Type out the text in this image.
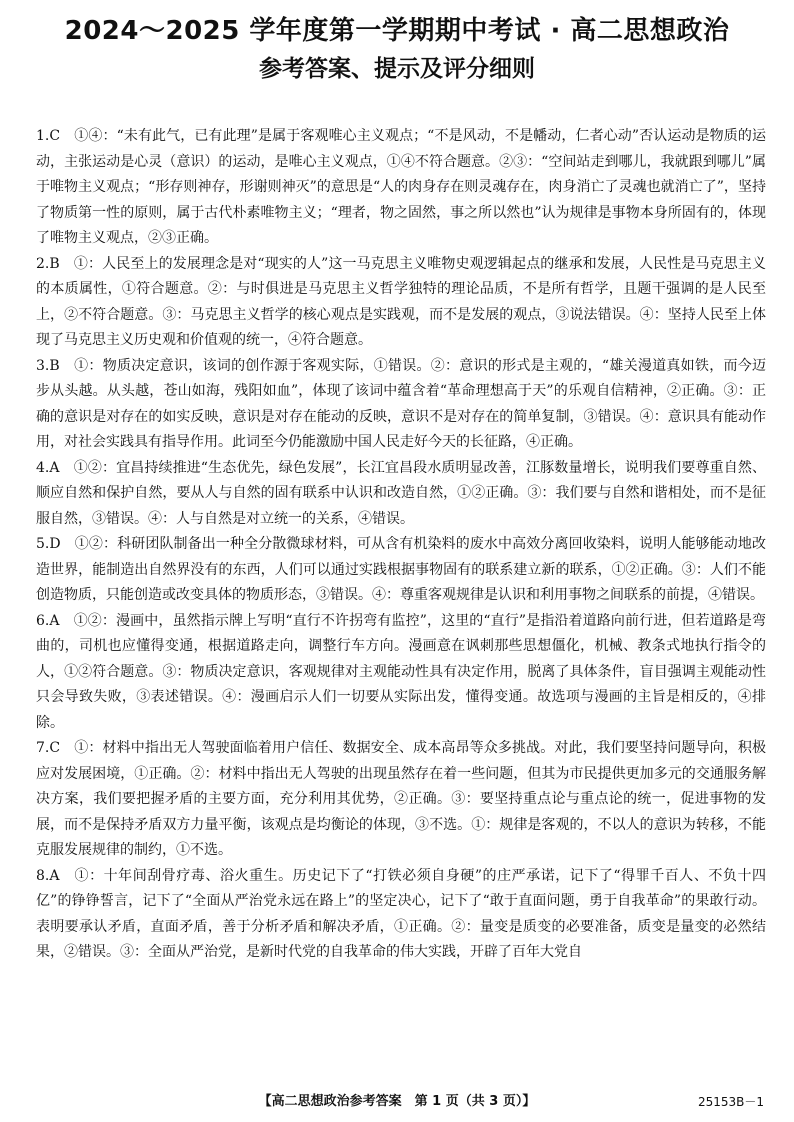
2024～2025 学年度第一学期期中考试 · 高二思想政治
参考答案、提示及评分细则

1.C　①④：“未有此气，已有此理”是属于客观唯心主义观点；“不是风动，不是幡动，仁者心动”否认运动是物质的运动，主张运动是心灵（意识）的运动，是唯心主义观点，①④不符合题意。②③：“空间站走到哪儿，我就跟到哪儿”属于唯物主义观点；“形存则神存，形谢则神灭”的意思是“人的肉身存在则灵魂存在，肉身消亡了灵魂也就消亡了”，坚持了物质第一性的原则，属于古代朴素唯物主义；“理者，物之固然，事之所以然也”认为规律是事物本身所固有的，体现了唯物主义观点，②③正确。

2.B　①：人民至上的发展理念是对“现实的人”这一马克思主义唯物史观逻辑起点的继承和发展，人民性是马克思主义的本质属性，①符合题意。②：与时俱进是马克思主义哲学独特的理论品质，不是所有哲学，且题干强调的是人民至上，②不符合题意。③：马克思主义哲学的核心观点是实践观，而不是发展的观点，③说法错误。④：坚持人民至上体现了马克思主义历史观和价值观的统一，④符合题意。

3.B　①：物质决定意识，该词的创作源于客观实际，①错误。②：意识的形式是主观的，“雄关漫道真如铁，而今迈步从头越。从头越，苍山如海，残阳如血”，体现了该词中蕴含着“革命理想高于天”的乐观自信精神，②正确。③：正确的意识是对存在的如实反映，意识是对存在能动的反映，意识不是对存在的简单复制，③错误。④：意识具有能动作用，对社会实践具有指导作用。此词至今仍能激励中国人民走好今天的长征路，④正确。

4.A　①②：宜昌持续推进“生态优先，绿色发展”，长江宜昌段水质明显改善，江豚数量增长，说明我们要尊重自然、顺应自然和保护自然，要从人与自然的固有联系中认识和改造自然，①②正确。③：我们要与自然和谐相处，而不是征服自然，③错误。④：人与自然是对立统一的关系，④错误。

5.D　①②：科研团队制备出一种全分散微球材料，可从含有机染料的废水中高效分离回收染料，说明人能够能动地改造世界，能制造出自然界没有的东西，人们可以通过实践根据事物固有的联系建立新的联系，①②正确。③：人们不能创造物质，只能创造或改变具体的物质形态，③错误。④：尊重客观规律是认识和利用事物之间联系的前提，④错误。

6.A　①②：漫画中，虽然指示牌上写明“直行不许拐弯有监控”，这里的“直行”是指沿着道路向前行进，但若道路是弯曲的，司机也应懂得变通，根据道路走向，调整行车方向。漫画意在讽刺那些思想僵化，机械、教条式地执行指令的人，①②符合题意。③：物质决定意识，客观规律对主观能动性具有决定作用，脱离了具体条件，盲目强调主观能动性只会导致失败，③表述错误。④：漫画启示人们一切要从实际出发，懂得变通。故选项与漫画的主旨是相反的，④排除。

7.C　①：材料中指出无人驾驶面临着用户信任、数据安全、成本高昂等众多挑战。对此，我们要坚持问题导向，积极应对发展困境，①正确。②：材料中指出无人驾驶的出现虽然存在着一些问题，但其为市民提供更加多元的交通服务解决方案，我们要把握矛盾的主要方面，充分利用其优势，②正确。③：要坚持重点论与重点论的统一，促进事物的发展，而不是保持矛盾双方力量平衡，该观点是均衡论的体现，③不选。①：规律是客观的，不以人的意识为转移，不能克服发展规律的制约，①不选。

8.A　①：十年间刮骨疗毒、浴火重生。历史记下了“打铁必须自身硬”的庄严承诺，记下了“得罪千百人、不负十四亿”的铮铮誓言，记下了“全面从严治党永远在路上”的坚定决心，记下了“敢于直面问题，勇于自我革命”的果敢行动。表明要承认矛盾，直面矛盾，善于分析矛盾和解决矛盾，①正确。②：量变是质变的必要准备，质变是量变的必然结果，②错误。③：全面从严治党，是新时代党的自我革命的伟大实践，开辟了百年大党自

【高二思想政治参考答案　第 1 页（共 3 页）】	25153B－1
